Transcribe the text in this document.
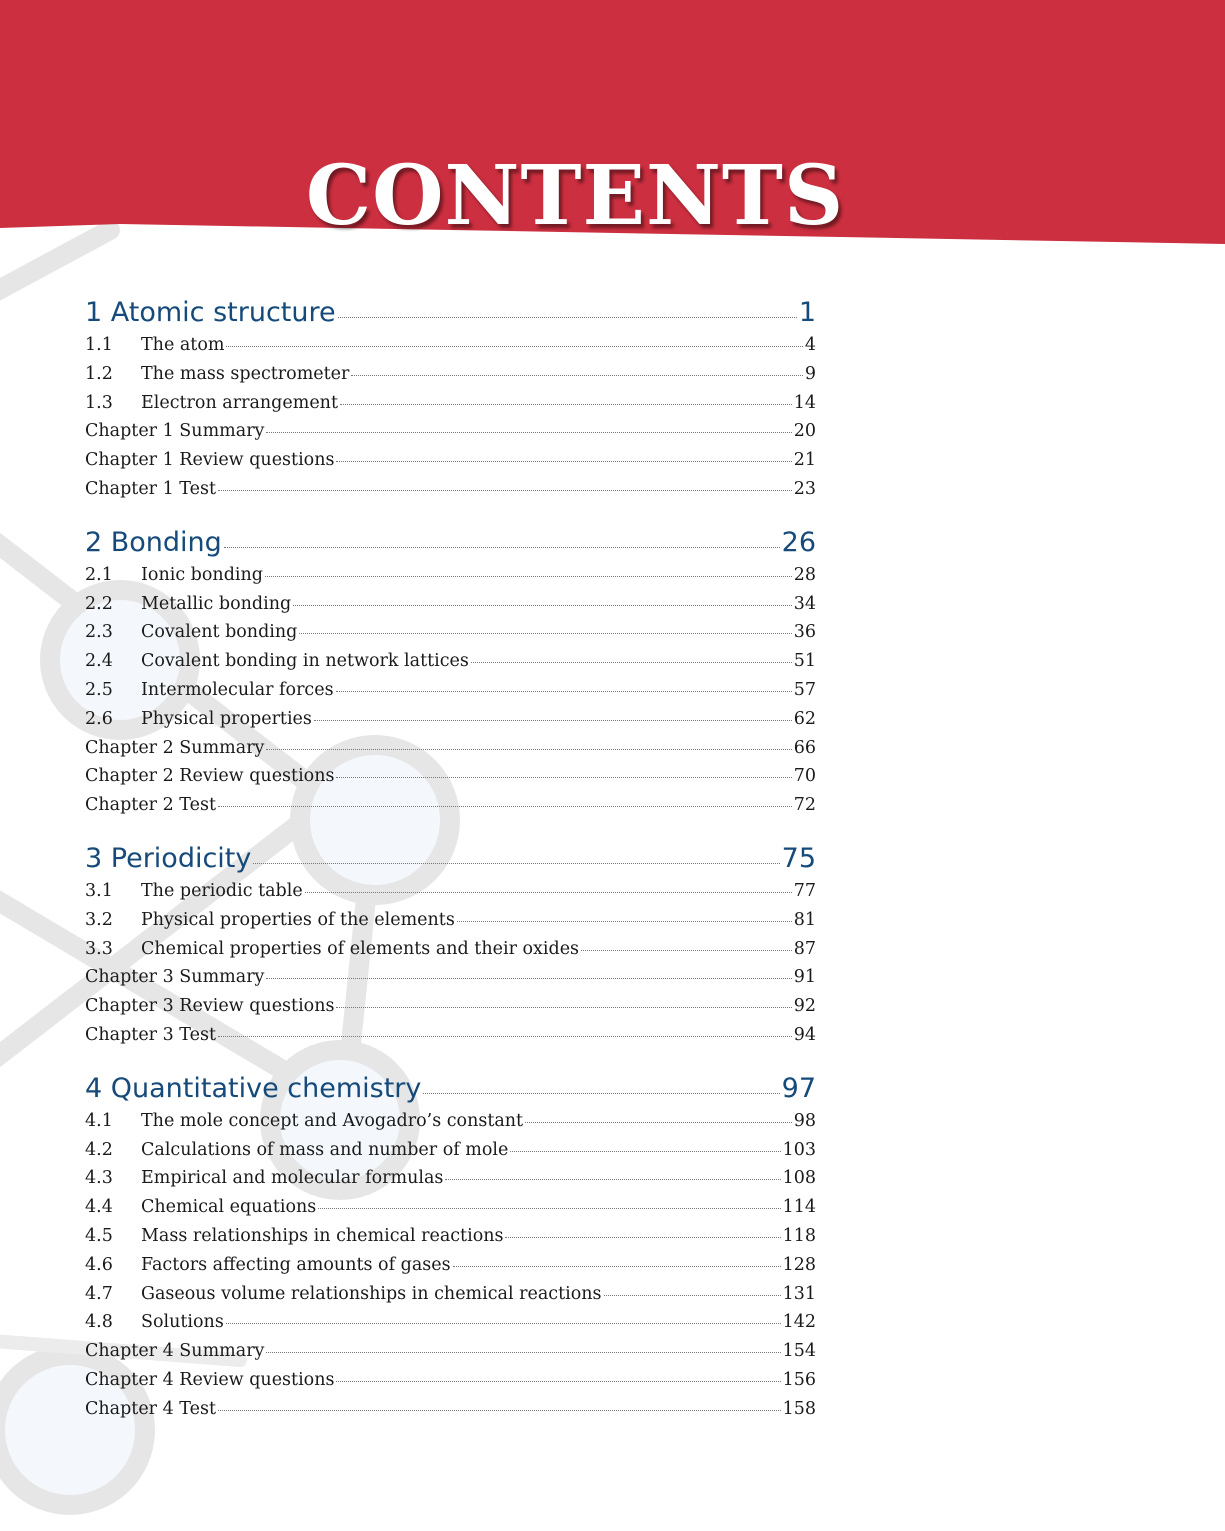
CONTENTS
1 Atomic structure	1
1.1	The atom	4
1.2	The mass spectrometer	9
1.3	Electron arrangement	14
Chapter 1 Summary	20
Chapter 1 Review questions	21
Chapter 1 Test	23
2 Bonding	26
2.1	Ionic bonding	28
2.2	Metallic bonding	34
2.3	Covalent bonding	36
2.4	Covalent bonding in network lattices	51
2.5	Intermolecular forces	57
2.6	Physical properties	62
Chapter 2 Summary	66
Chapter 2 Review questions	70
Chapter 2 Test	72
3 Periodicity	75
3.1	The periodic table	77
3.2	Physical properties of the elements	81
3.3	Chemical properties of elements and their oxides	87
Chapter 3 Summary	91
Chapter 3 Review questions	92
Chapter 3 Test	94
4 Quantitative chemistry	97
4.1	The mole concept and Avogadro’s constant	98
4.2	Calculations of mass and number of mole	103
4.3	Empirical and molecular formulas	108
4.4	Chemical equations	114
4.5	Mass relationships in chemical reactions	118
4.6	Factors affecting amounts of gases	128
4.7	Gaseous volume relationships in chemical reactions	131
4.8	Solutions	142
Chapter 4 Summary	154
Chapter 4 Review questions	156
Chapter 4 Test	158
